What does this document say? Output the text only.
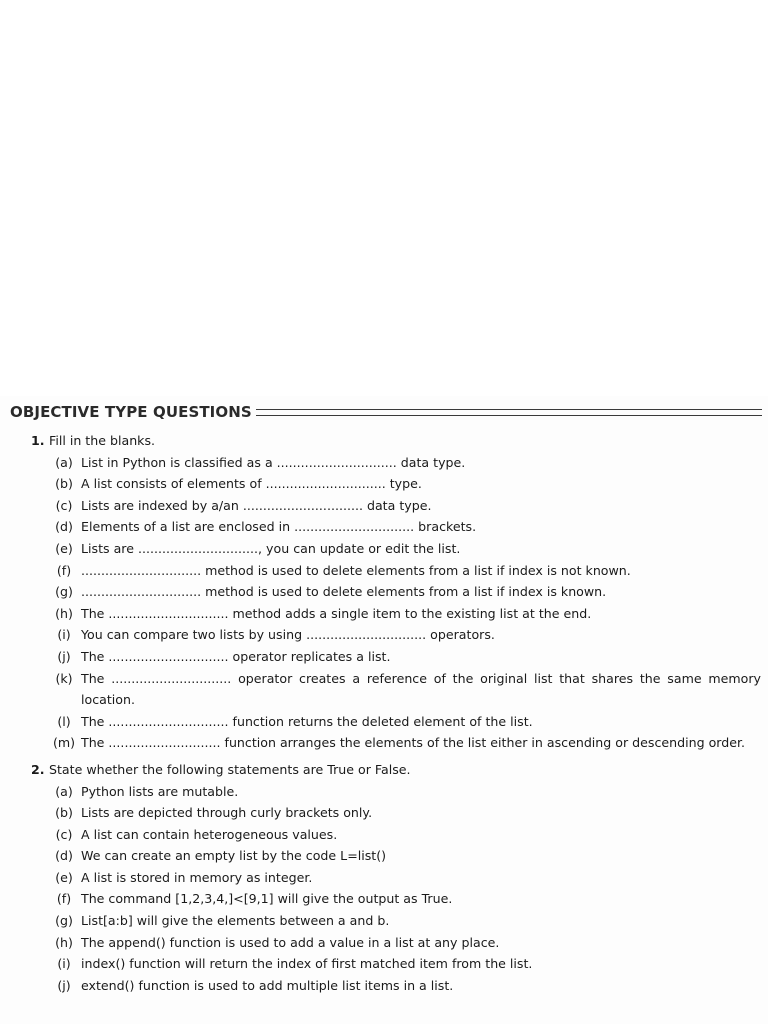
OBJECTIVE TYPE QUESTIONS
1. Fill in the blanks.
(a) List in Python is classified as a .............................. data type.
(b) A list consists of elements of .............................. type.
(c) Lists are indexed by a/an .............................. data type.
(d) Elements of a list are enclosed in .............................. brackets.
(e) Lists are .............................., you can update or edit the list.
(f) .............................. method is used to delete elements from a list if index is not known.
(g) .............................. method is used to delete elements from a list if index is known.
(h) The .............................. method adds a single item to the existing list at the end.
(i) You can compare two lists by using .............................. operators.
(j) The .............................. operator replicates a list.
(k) The .............................. operator creates a reference of the original list that shares the same memory location.
(l) The .............................. function returns the deleted element of the list.
(m) The ............................ function arranges the elements of the list either in ascending or descending order.
2. State whether the following statements are True or False.
(a) Python lists are mutable.
(b) Lists are depicted through curly brackets only.
(c) A list can contain heterogeneous values.
(d) We can create an empty list by the code L=list()
(e) A list is stored in memory as integer.
(f) The command [1,2,3,4,]<[9,1] will give the output as True.
(g) List[a:b] will give the elements between a and b.
(h) The append() function is used to add a value in a list at any place.
(i) index() function will return the index of first matched item from the list.
(j) extend() function is used to add multiple list items in a list.
